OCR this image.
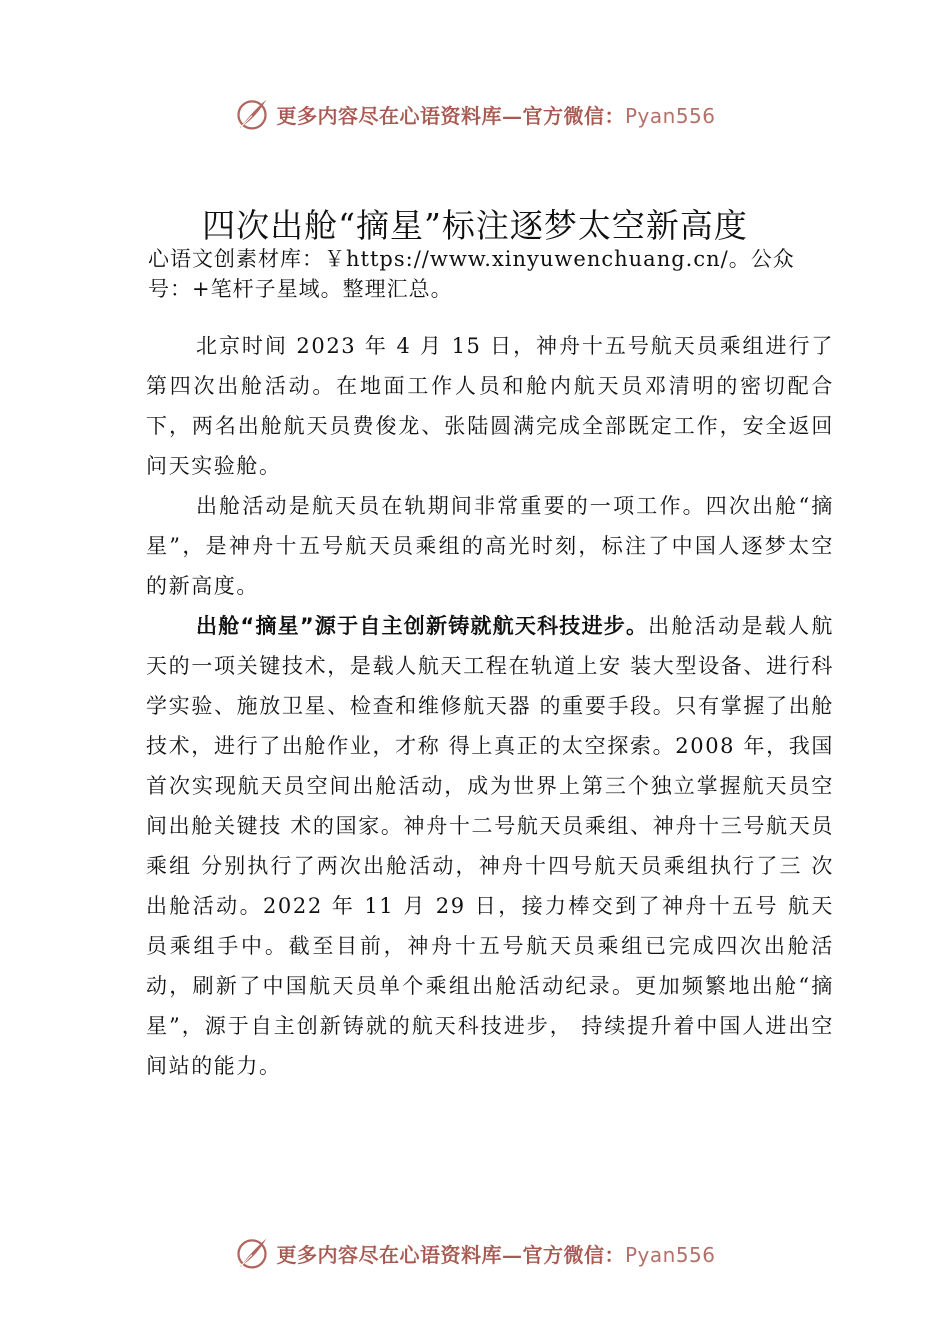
更多内容尽在心语资料库—官方微信：Pyan556
四次出舱“摘星”标注逐梦太空新高度

心语文创素材库：￥https://www.xinyuwenchuang.cn/。公众号：+笔杆子星域。整理汇总。

北京时间 2023 年 4 月 15 日，神舟十五号航天员乘组进行了第四次出舱活动。在地面工作人员和舱内航天员邓清明的密切配合下，两名出舱航天员费俊龙、张陆圆满完成全部既定工作，安全返回问天实验舱。

出舱活动是航天员在轨期间非常重要的一项工作。四次出舱“摘星”，是神舟十五号航天员乘组的高光时刻，标注了中国人逐梦太空的新高度。

出舱“摘星”源于自主创新铸就航天科技进步。出舱活动是载人航天的一项关键技术，是载人航天工程在轨道上安 装大型设备、进行科学实验、施放卫星、检查和维修航天器 的重要手段。只有掌握了出舱技术，进行了出舱作业，才称 得上真正的太空探索。2008 年，我国首次实现航天员空间出舱活动，成为世界上第三个独立掌握航天员空间出舱关键技 术的国家。神舟十二号航天员乘组、神舟十三号航天员乘组 分别执行了两次出舱活动，神舟十四号航天员乘组执行了三 次出舱活动。2022 年 11 月 29 日，接力棒交到了神舟十五号 航天员乘组手中。截至目前，神舟十五号航天员乘组已完成四次出舱活动，刷新了中国航天员单个乘组出舱活动纪录。更加频繁地出舱“摘星”，源于自主创新铸就的航天科技进步， 持续提升着中国人进出空间站的能力。

更多内容尽在心语资料库—官方微信：Pyan556
